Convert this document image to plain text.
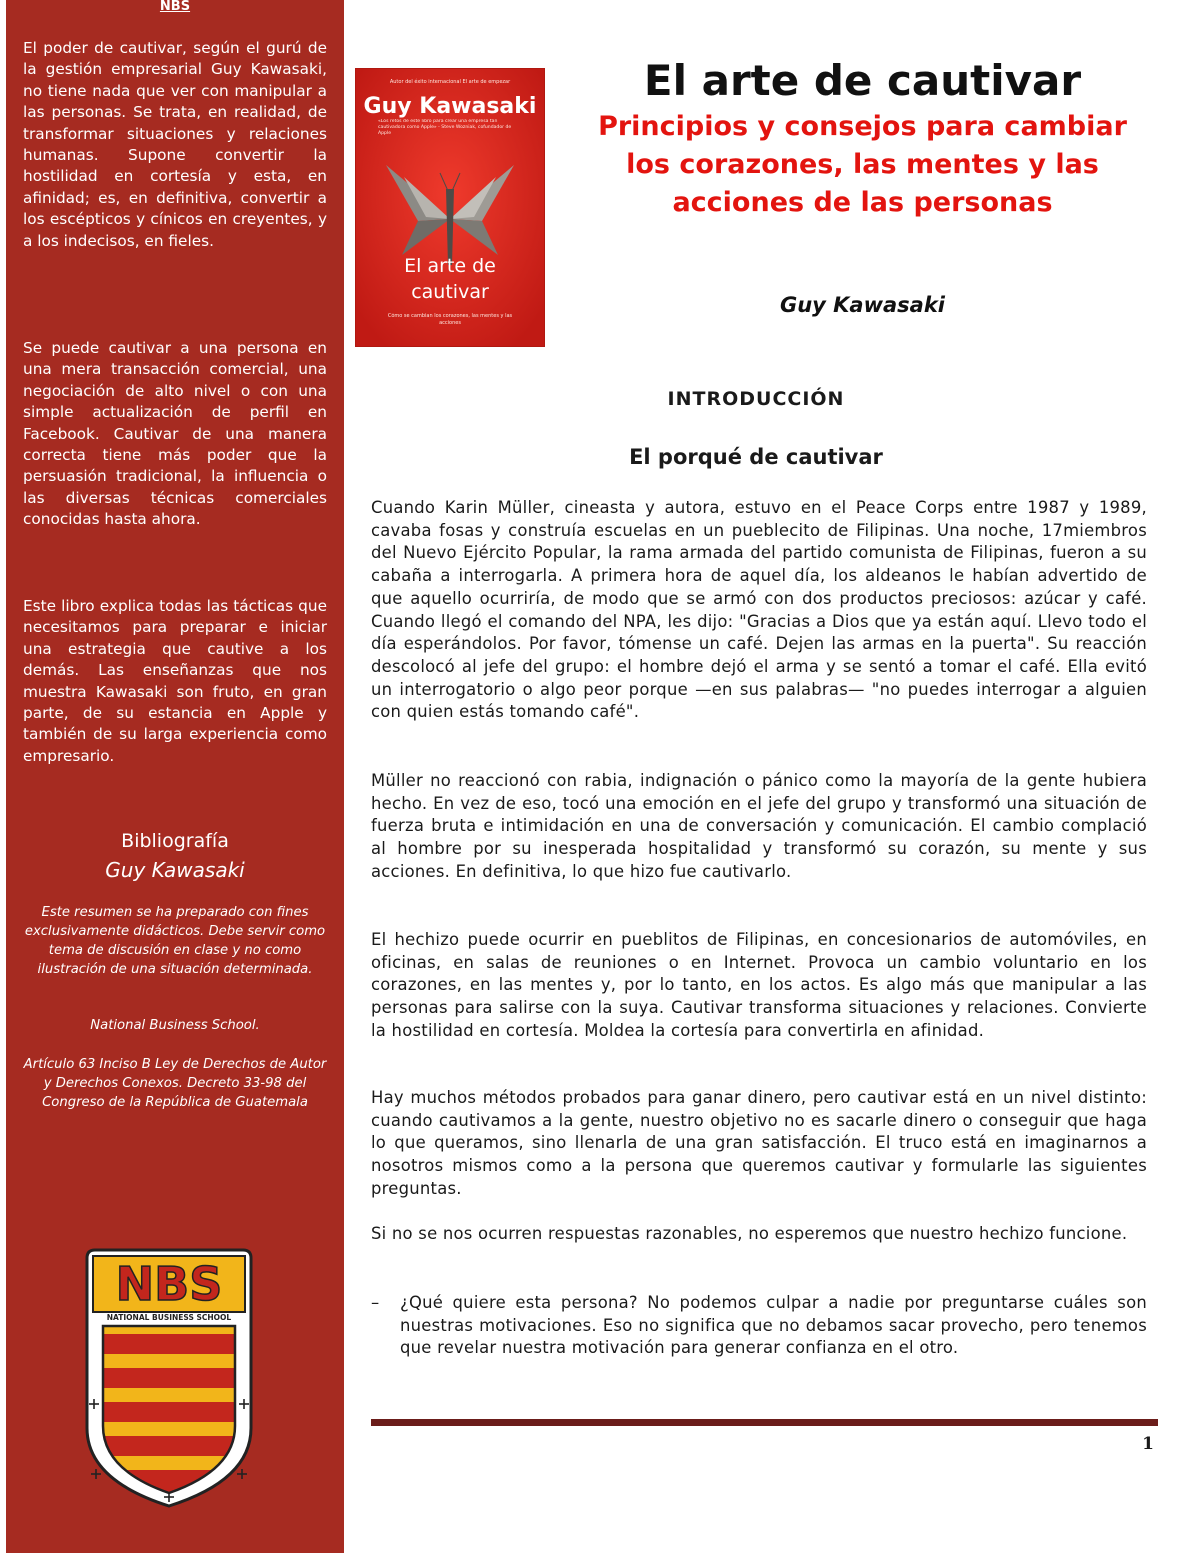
NBS

El poder de cautivar, según el gurú de la gestión empresarial Guy Kawasaki, no tiene nada que ver con manipular a las personas. Se trata, en realidad, de transformar situaciones y relaciones humanas. Supone convertir la hostilidad en cortesía y esta, en afinidad; es, en definitiva, convertir a los escépticos y cínicos en creyentes, y a los indecisos, en fieles.

Se puede cautivar a una persona en una mera transacción comercial, una negociación de alto nivel o con una simple actualización de perfil en Facebook. Cautivar de una manera correcta tiene más poder que la persuasión tradicional, la influencia o las diversas técnicas comerciales conocidas hasta ahora.

Este libro explica todas las tácticas que necesitamos para preparar e iniciar una estrategia que cautive a los demás. Las enseñanzas que nos muestra Kawasaki son fruto, en gran parte, de su estancia en Apple y también de su larga experiencia como empresario.

Bibliografía
Guy Kawasaki

Este resumen se ha preparado con fines exclusivamente didácticos. Debe servir como tema de discusión en clase y no como ilustración de una situación determinada.

National Business School.

Artículo 63 Inciso B Ley de Derechos de Autor y Derechos Conexos. Decreto 33-98 del Congreso de la República de Guatemala

NBS
NATIONAL BUSINESS SCHOOL
Autor del éxito internacional El arte de empezar
Guy Kawasaki
«Los retos de este libro para crear una empresa tan cautivadora como Apple» - Steve Wozniak, cofundador de Apple
El arte de cautivar
Cómo se cambian los corazones, las mentes y las acciones
El arte de cautivar

Principios y consejos para cambiar los corazones, las mentes y las acciones de las personas

Guy Kawasaki

INTRODUCCIÓN
El porqué de cautivar

Cuando Karin Müller, cineasta y autora, estuvo en el Peace Corps entre 1987 y 1989, cavaba fosas y construía escuelas en un pueblecito de Filipinas. Una noche, 17miembros del Nuevo Ejército Popular, la rama armada del partido comunista de Filipinas, fueron a su cabaña a interrogarla. A primera hora de aquel día, los aldeanos le habían advertido de que aquello ocurriría, de modo que se armó con dos productos preciosos: azúcar y café. Cuando llegó el comando del NPA, les dijo: "Gracias a Dios que ya están aquí. Llevo todo el día esperándolos. Por favor, tómense un café. Dejen las armas en la puerta". Su reacción descolocó al jefe del grupo: el hombre dejó el arma y se sentó a tomar el café. Ella evitó un interrogatorio o algo peor porque —en sus palabras— "no puedes interrogar a alguien con quien estás tomando café".

Müller no reaccionó con rabia, indignación o pánico como la mayoría de la gente hubiera hecho. En vez de eso, tocó una emoción en el jefe del grupo y transformó una situación de fuerza bruta e intimidación en una de conversación y comunicación. El cambio complació al hombre por su inesperada hospitalidad y transformó su corazón, su mente y sus acciones. En definitiva, lo que hizo fue cautivarlo.

El hechizo puede ocurrir en pueblitos de Filipinas, en concesionarios de automóviles, en oficinas, en salas de reuniones o en Internet. Provoca un cambio voluntario en los corazones, en las mentes y, por lo tanto, en los actos. Es algo más que manipular a las personas para salirse con la suya. Cautivar transforma situaciones y relaciones. Convierte la hostilidad en cortesía. Moldea la cortesía para convertirla en afinidad.

Hay muchos métodos probados para ganar dinero, pero cautivar está en un nivel distinto: cuando cautivamos a la gente, nuestro objetivo no es sacarle dinero o conseguir que haga lo que queramos, sino llenarla de una gran satisfacción. El truco está en imaginarnos a nosotros mismos como a la persona que queremos cautivar y formularle las siguientes preguntas.

Si no se nos ocurren respuestas razonables, no esperemos que nuestro hechizo funcione.

– ¿Qué quiere esta persona? No podemos culpar a nadie por preguntarse cuáles son nuestras motivaciones. Eso no significa que no debamos sacar provecho, pero tenemos que revelar nuestra motivación para generar confianza en el otro.

1
